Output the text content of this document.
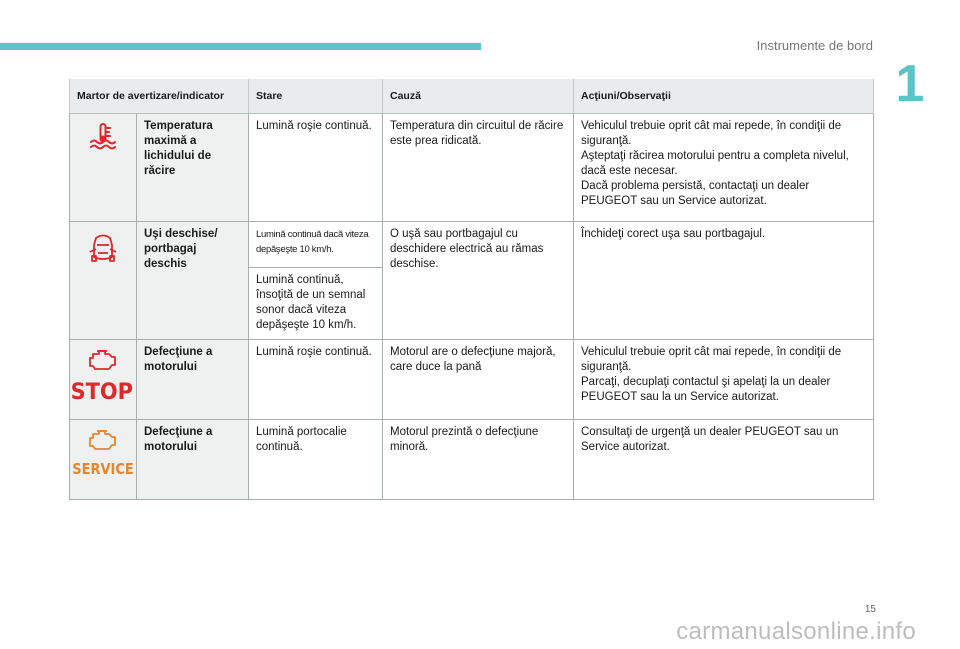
Instrumente de bord
1
Martor de avertizare/indicator		Stare	Cauză	Acţiuni/Observaţii

	Temperatura maximă a lichidului de răcire	Lumină roşie continuă.	Temperatura din circuitul de răcire este prea ridicată.	Vehiculul trebuie oprit cât mai repede, în condiţii de siguranţă.
Aşteptaţi răcirea motorului pentru a completa nivelul, dacă este necesar.
Dacă problema persistă, contactaţi un dealer PEUGEOT sau un Service autorizat.

	Uşi deschise/ portbagaj deschis	Lumină continuă dacă viteza depăşeşte 10 km/h.	O uşă sau portbagajul cu deschidere electrică au rămas deschise.	Închideţi corect uşa sau portbagajul.

		Lumină continuă, însoţită de un semnal sonor dacă viteza depăşeşte 10 km/h.		

STOP	Defecţiune a motorului	Lumină roşie continuă.	Motorul are o defecţiune majoră, care duce la pană	Vehiculul trebuie oprit cât mai repede, în condiţii de siguranţă.
Parcaţi, decuplaţi contactul şi apelaţi la un dealer PEUGEOT sau la un Service autorizat.

SERVICE	Defecţiune a motorului	Lumină portocalie continuă.	Motorul prezintă o defecţiune minoră.	Consultaţi de urgenţă un dealer PEUGEOT sau un Service autorizat.
15
carmanualsonline.info
